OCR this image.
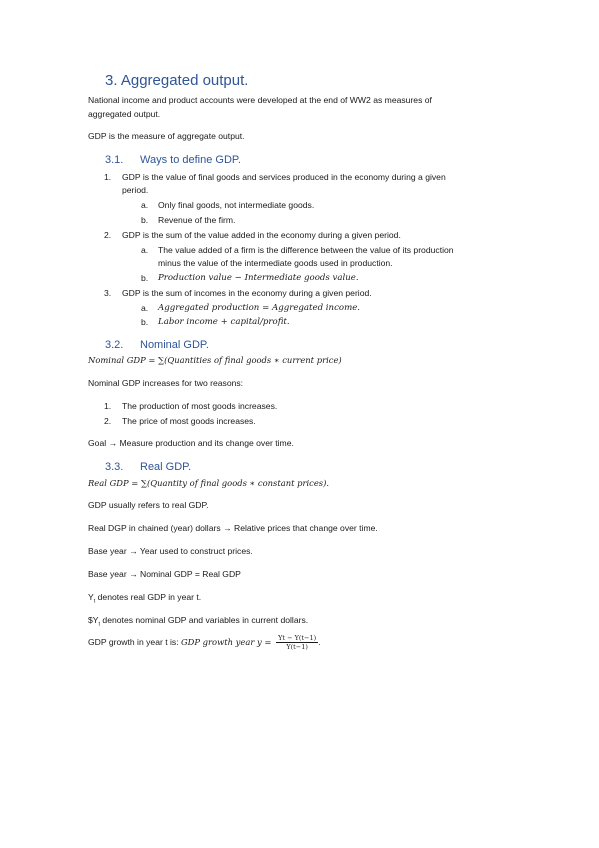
3. Aggregated output.
National income and product accounts were developed at the end of WW2 as measures of
aggregated output.
GDP is the measure of aggregate output.
3.1. Ways to define GDP.
1. GDP is the value of final goods and services produced in the economy during a given
period.
a. Only final goods, not intermediate goods.
b. Revenue of the firm.
2. GDP is the sum of the value added in the economy during a given period.
a. The value added of a firm is the difference between the value of its production
minus the value of the intermediate goods used in production.
b. Production value − Intermediate goods value.
3. GDP is the sum of incomes in the economy during a given period.
a. Aggregated production = Aggregated income.
b. Labor income + capital/profit.
3.2. Nominal GDP.
Nominal GDP = ∑(Quantities of final goods ∗ current price)
Nominal GDP increases for two reasons:
1. The production of most goods increases.
2. The price of most goods increases.
Goal → Measure production and its change over time.
3.3. Real GDP.
Real GDP = ∑(Quantity of final goods ∗ constant prices).
GDP usually refers to real GDP.
Real DGP in chained (year) dollars → Relative prices that change over time.
Base year → Year used to construct prices.
Base year → Nominal GDP = Real GDP
$Y_t$ denotes real GDP in year t.
$\$Y_t$ denotes nominal GDP and variables in current dollars.
GDP growth in year t is: GDP growth year $y = \frac{Yt - Y(t-1)}{Y(t-1)}$ .
